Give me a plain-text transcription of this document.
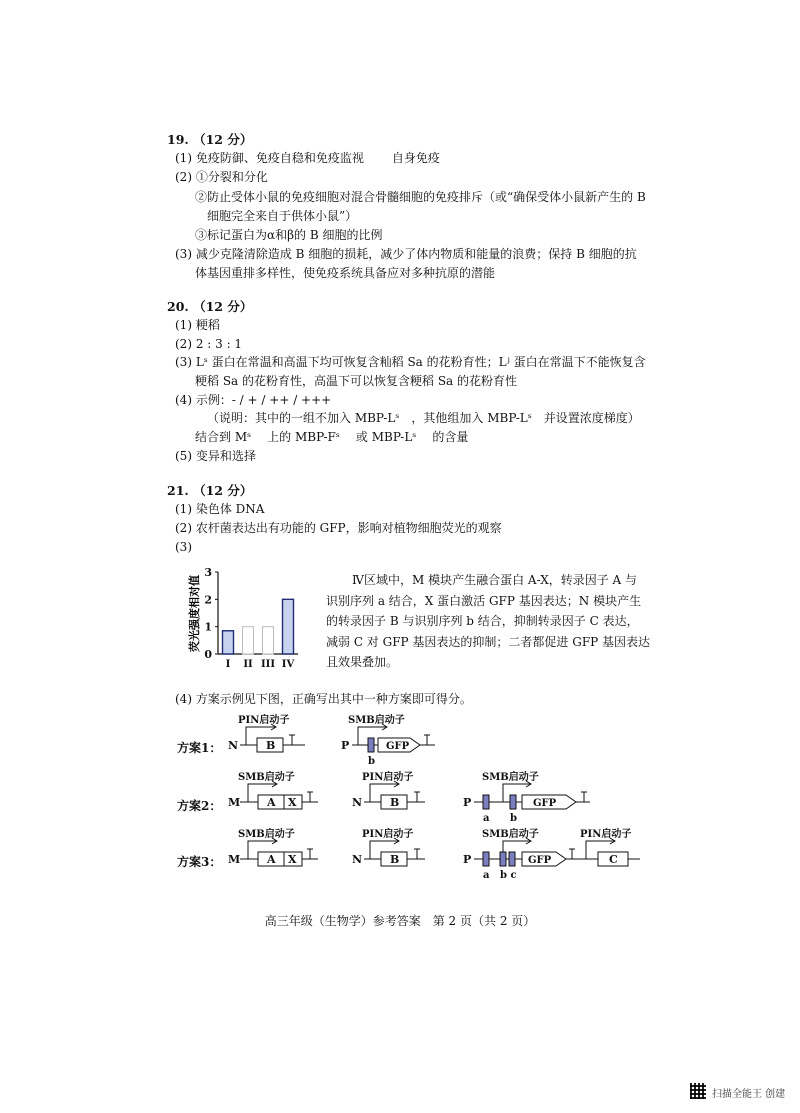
19. （12 分）
(1) 免疫防御、免疫自稳和免疫监视 自身免疫
(2) ①分裂和分化
②防止受体小鼠的免疫细胞对混合骨髓细胞的免疫排斥（或“确保受体小鼠新产生的 B
细胞完全来自于供体小鼠”）
③标记蛋白为α和β的 B 细胞的比例
(3) 减少克隆清除造成 B 细胞的损耗，减少了体内物质和能量的浪费；保持 B 细胞的抗
体基因重排多样性，使免疫系统具备应对多种抗原的潜能
20. （12 分）
(1) 粳稻
(2) 2 : 3 : 1
(3) Lˢ 蛋白在常温和高温下均可恢复含籼稻 Sa 的花粉育性；Lʲ 蛋白在常温下不能恢复含
粳稻 Sa 的花粉育性，高温下可以恢复含粳稻 Sa 的花粉育性
(4) 示例：- / + / ++ / +++
（说明：其中的一组不加入 MBP-Lˢ　，其他组加入 MBP-Lˢ　并设置浓度梯度）
结合到 Mˢ 上的 MBP-Fˢ 或 MBP-Lˢ 的含量
(5) 变异和选择
21. （12 分）
(1) 染色体 DNA
(2) 农杆菌表达出有功能的 GFP，影响对植物细胞荧光的观察
(3)
荧光强度相对值
0
1
2
3
I II III IV
Ⅳ区域中，M 模块产生融合蛋白 A-X，转录因子 A 与
识别序列 a 结合，X 蛋白激活 GFP 基因表达；N 模块产生
的转录因子 B 与识别序列 b 结合，抑制转录因子 C 表达，
减弱 C 对 GFP 基因表达的抑制；二者都促进 GFP 基因表达
且效果叠加。
(4) 方案示例见下图，正确写出其中一种方案即可得分。
方案1：
方案2：
方案3：
N
PIN启动子
B	P
SMB启动子
b
GFP
M
SMB启动子
A X	N
PIN启动子
B	P
SMB启动子
a b
GFP
M
SMB启动子
A X	N
PIN启动子
B	P
SMB启动子
a b c
GFP
PIN启动子
C
高三年级（生物学）参考答案　第 2 页（共 2 页）
扫描全能王 创建
